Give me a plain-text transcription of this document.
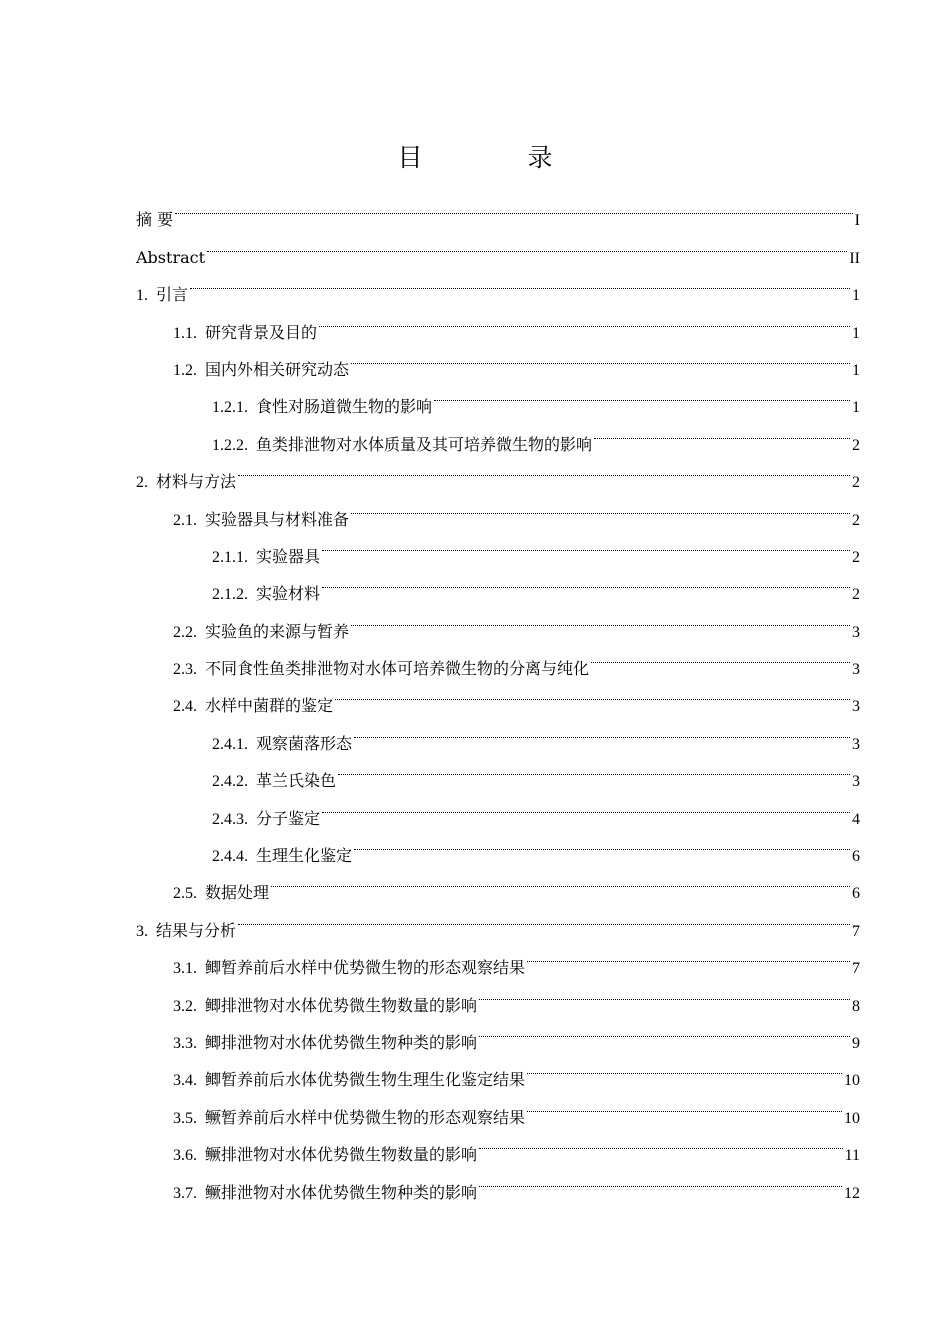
目　录
摘 要	I
Abstract	II
1. 引言	1
1.1. 研究背景及目的	1
1.2. 国内外相关研究动态	1
1.2.1. 食性对肠道微生物的影响	1
1.2.2. 鱼类排泄物对水体质量及其可培养微生物的影响	2
2. 材料与方法	2
2.1. 实验器具与材料准备	2
2.1.1. 实验器具	2
2.1.2. 实验材料	2
2.2. 实验鱼的来源与暂养	3
2.3. 不同食性鱼类排泄物对水体可培养微生物的分离与纯化	3
2.4. 水样中菌群的鉴定	3
2.4.1. 观察菌落形态	3
2.4.2. 革兰氏染色	3
2.4.3. 分子鉴定	4
2.4.4. 生理生化鉴定	6
2.5. 数据处理	6
3. 结果与分析	7
3.1. 鲫暂养前后水样中优势微生物的形态观察结果	7
3.2. 鲫排泄物对水体优势微生物数量的影响	8
3.3. 鲫排泄物对水体优势微生物种类的影响	9
3.4. 鲫暂养前后水体优势微生物生理生化鉴定结果	10
3.5. 鳜暂养前后水样中优势微生物的形态观察结果	10
3.6. 鳜排泄物对水体优势微生物数量的影响	11
3.7. 鳜排泄物对水体优势微生物种类的影响	12
